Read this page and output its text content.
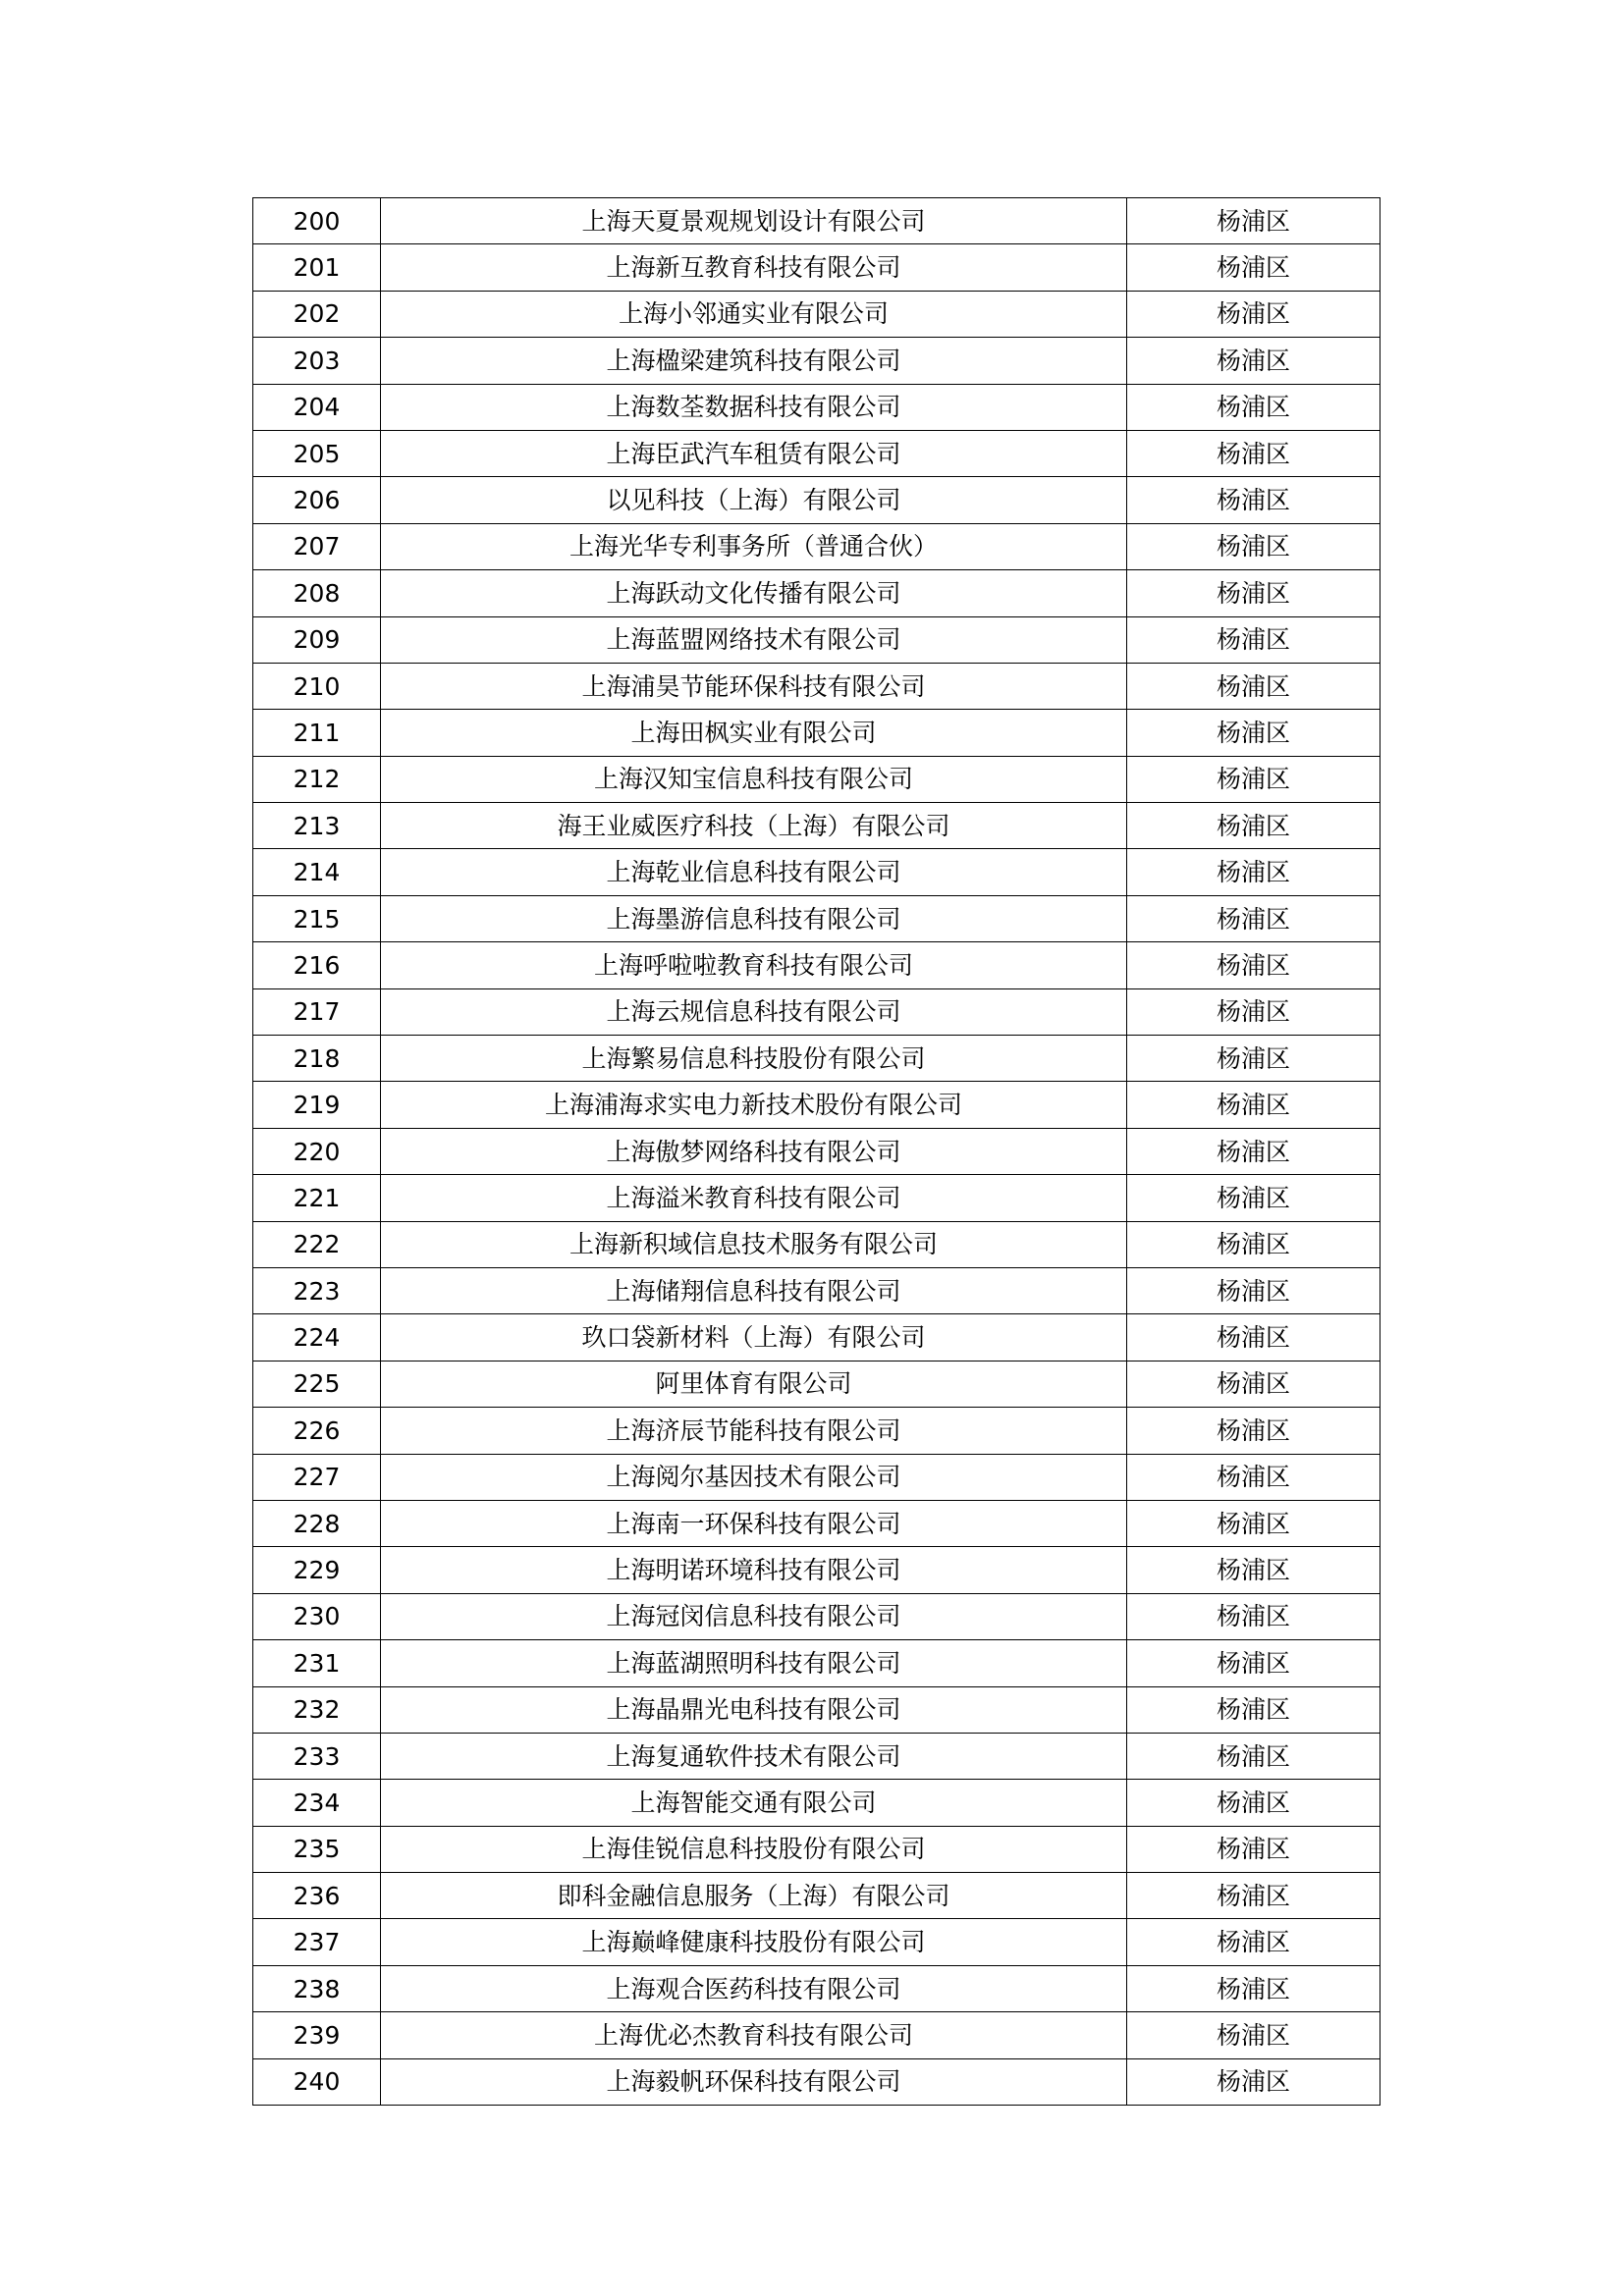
200	上海天夏景观规划设计有限公司	杨浦区
201	上海新互教育科技有限公司	杨浦区
202	上海小邻通实业有限公司	杨浦区
203	上海楹梁建筑科技有限公司	杨浦区
204	上海数荃数据科技有限公司	杨浦区
205	上海臣武汽车租赁有限公司	杨浦区
206	以见科技（上海）有限公司	杨浦区
207	上海光华专利事务所（普通合伙）	杨浦区
208	上海跃动文化传播有限公司	杨浦区
209	上海蓝盟网络技术有限公司	杨浦区
210	上海浦昊节能环保科技有限公司	杨浦区
211	上海田枫实业有限公司	杨浦区
212	上海汉知宝信息科技有限公司	杨浦区
213	海王业威医疗科技（上海）有限公司	杨浦区
214	上海乾业信息科技有限公司	杨浦区
215	上海墨游信息科技有限公司	杨浦区
216	上海呼啦啦教育科技有限公司	杨浦区
217	上海云规信息科技有限公司	杨浦区
218	上海繁易信息科技股份有限公司	杨浦区
219	上海浦海求实电力新技术股份有限公司	杨浦区
220	上海傲梦网络科技有限公司	杨浦区
221	上海溢米教育科技有限公司	杨浦区
222	上海新积域信息技术服务有限公司	杨浦区
223	上海储翔信息科技有限公司	杨浦区
224	玖口袋新材料（上海）有限公司	杨浦区
225	阿里体育有限公司	杨浦区
226	上海济辰节能科技有限公司	杨浦区
227	上海阅尔基因技术有限公司	杨浦区
228	上海南一环保科技有限公司	杨浦区
229	上海明诺环境科技有限公司	杨浦区
230	上海冠闵信息科技有限公司	杨浦区
231	上海蓝湖照明科技有限公司	杨浦区
232	上海晶鼎光电科技有限公司	杨浦区
233	上海复通软件技术有限公司	杨浦区
234	上海智能交通有限公司	杨浦区
235	上海佳锐信息科技股份有限公司	杨浦区
236	即科金融信息服务（上海）有限公司	杨浦区
237	上海巅峰健康科技股份有限公司	杨浦区
238	上海观合医药科技有限公司	杨浦区
239	上海优必杰教育科技有限公司	杨浦区
240	上海毅帆环保科技有限公司	杨浦区
